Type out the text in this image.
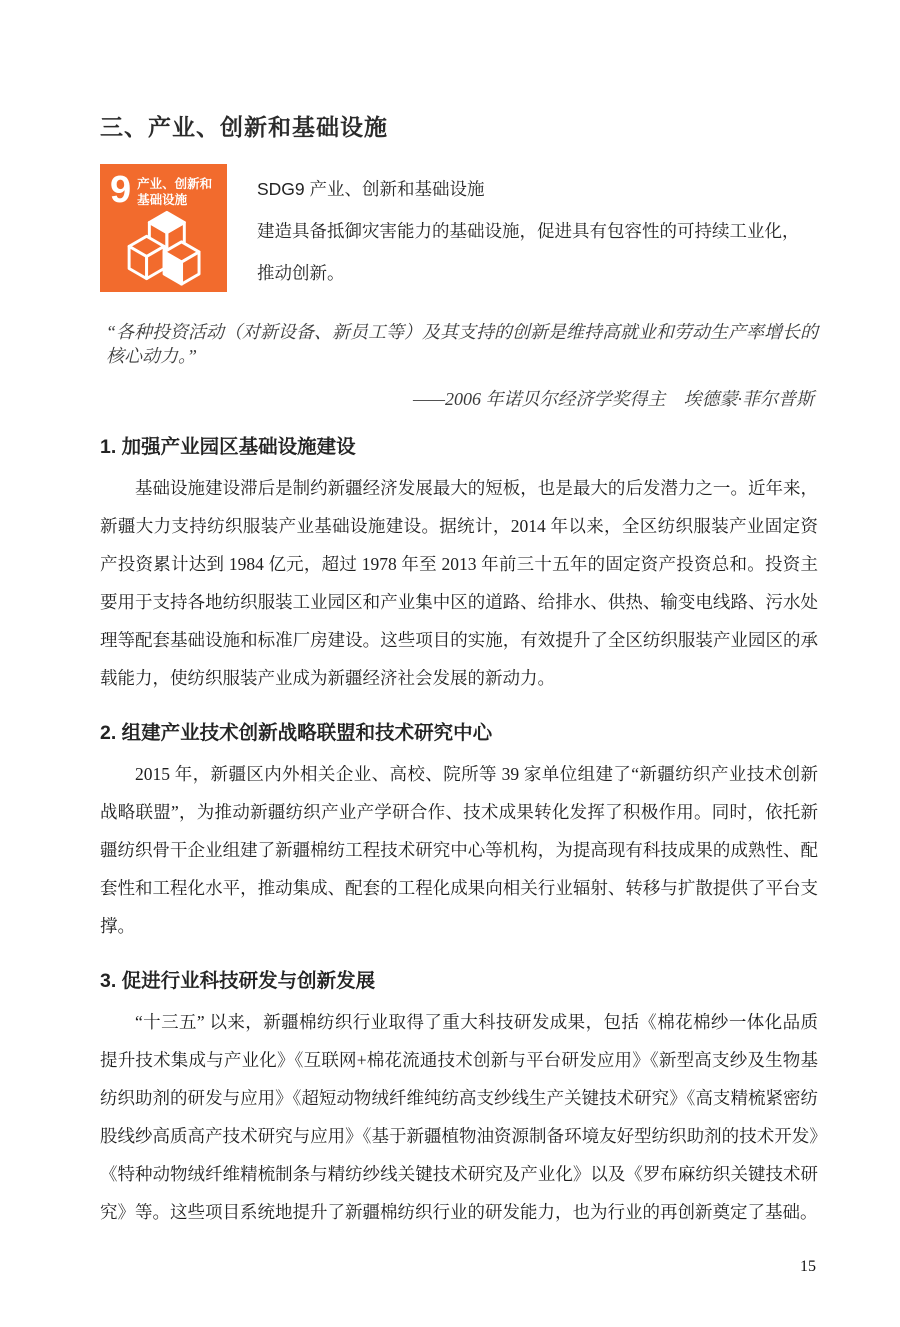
三、产业、创新和基础设施
9 产业、创新和
基础设施
SDG9 产业、创新和基础设施
建造具备抵御灾害能力的基础设施，促进具有包容性的可持续工业化，
推动创新。
“各种投资活动（对新设备、新员工等）及其支持的创新是维持高就业和劳动生产率增长的核心动力。”
——2006 年诺贝尔经济学奖得主　埃德蒙·菲尔普斯
1. 加强产业园区基础设施建设

基础设施建设滞后是制约新疆经济发展最大的短板，也是最大的后发潜力之一。近年来，新疆大力支持纺织服装产业基础设施建设。据统计，2014 年以来，全区纺织服装产业固定资产投资累计达到 1984 亿元，超过 1978 年至 2013 年前三十五年的固定资产投资总和。投资主要用于支持各地纺织服装工业园区和产业集中区的道路、给排水、供热、输变电线路、污水处理等配套基础设施和标准厂房建设。这些项目的实施，有效提升了全区纺织服装产业园区的承载能力，使纺织服装产业成为新疆经济社会发展的新动力。

2. 组建产业技术创新战略联盟和技术研究中心

2015 年，新疆区内外相关企业、高校、院所等 39 家单位组建了“新疆纺织产业技术创新战略联盟”，为推动新疆纺织产业产学研合作、技术成果转化发挥了积极作用。同时，依托新疆纺织骨干企业组建了新疆棉纺工程技术研究中心等机构，为提高现有科技成果的成熟性、配套性和工程化水平，推动集成、配套的工程化成果向相关行业辐射、转移与扩散提供了平台支撑。

3. 促进行业科技研发与创新发展

“十三五” 以来，新疆棉纺织行业取得了重大科技研发成果，包括《棉花棉纱一体化品质提升技术集成与产业化》《互联网+棉花流通技术创新与平台研发应用》《新型高支纱及生物基纺织助剂的研发与应用》《超短动物绒纤维纯纺高支纱线生产关键技术研究》《高支精梳紧密纺股线纱高质高产技术研究与应用》《基于新疆植物油资源制备环境友好型纺织助剂的技术开发》《特种动物绒纤维精梳制条与精纺纱线关键技术研究及产业化》以及《罗布麻纺织关键技术研究》等。这些项目系统地提升了新疆棉纺织行业的研发能力，也为行业的再创新奠定了基础。

15
